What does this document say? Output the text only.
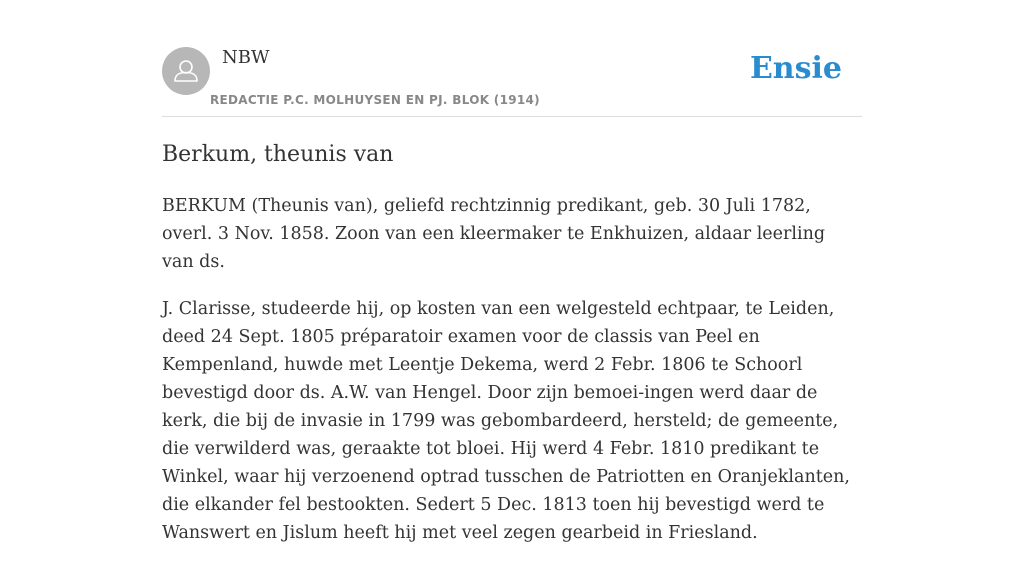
NBW
REDACTIE P.C. MOLHUYSEN EN PJ. BLOK (1914)
Ensie
Berkum, theunis van

BERKUM (Theunis van), geliefd rechtzinnig predikant, geb. 30 Juli 1782, overl. 3 Nov. 1858. Zoon van een kleermaker te Enkhuizen, aldaar leerling van ds.

J. Clarisse, studeerde hij, op kosten van een welgesteld echtpaar, te Leiden, deed 24 Sept. 1805 préparatoir examen voor de classis van Peel en Kempenland, huwde met Leentje Dekema, werd 2 Febr. 1806 te Schoorl bevestigd door ds. A.W. van Hengel. Door zijn bemoei-ingen werd daar de kerk, die bij de invasie in 1799 was gebombardeerd, hersteld; de gemeente, die verwilderd was, geraakte tot bloei. Hij werd 4 Febr. 1810 predikant te Winkel, waar hij verzoenend optrad tusschen de Patriotten en Oranjeklanten, die elkander fel bestookten. Sedert 5 Dec. 1813 toen hij bevestigd werd te Wanswert en Jislum heeft hij met veel zegen gearbeid in Friesland.
